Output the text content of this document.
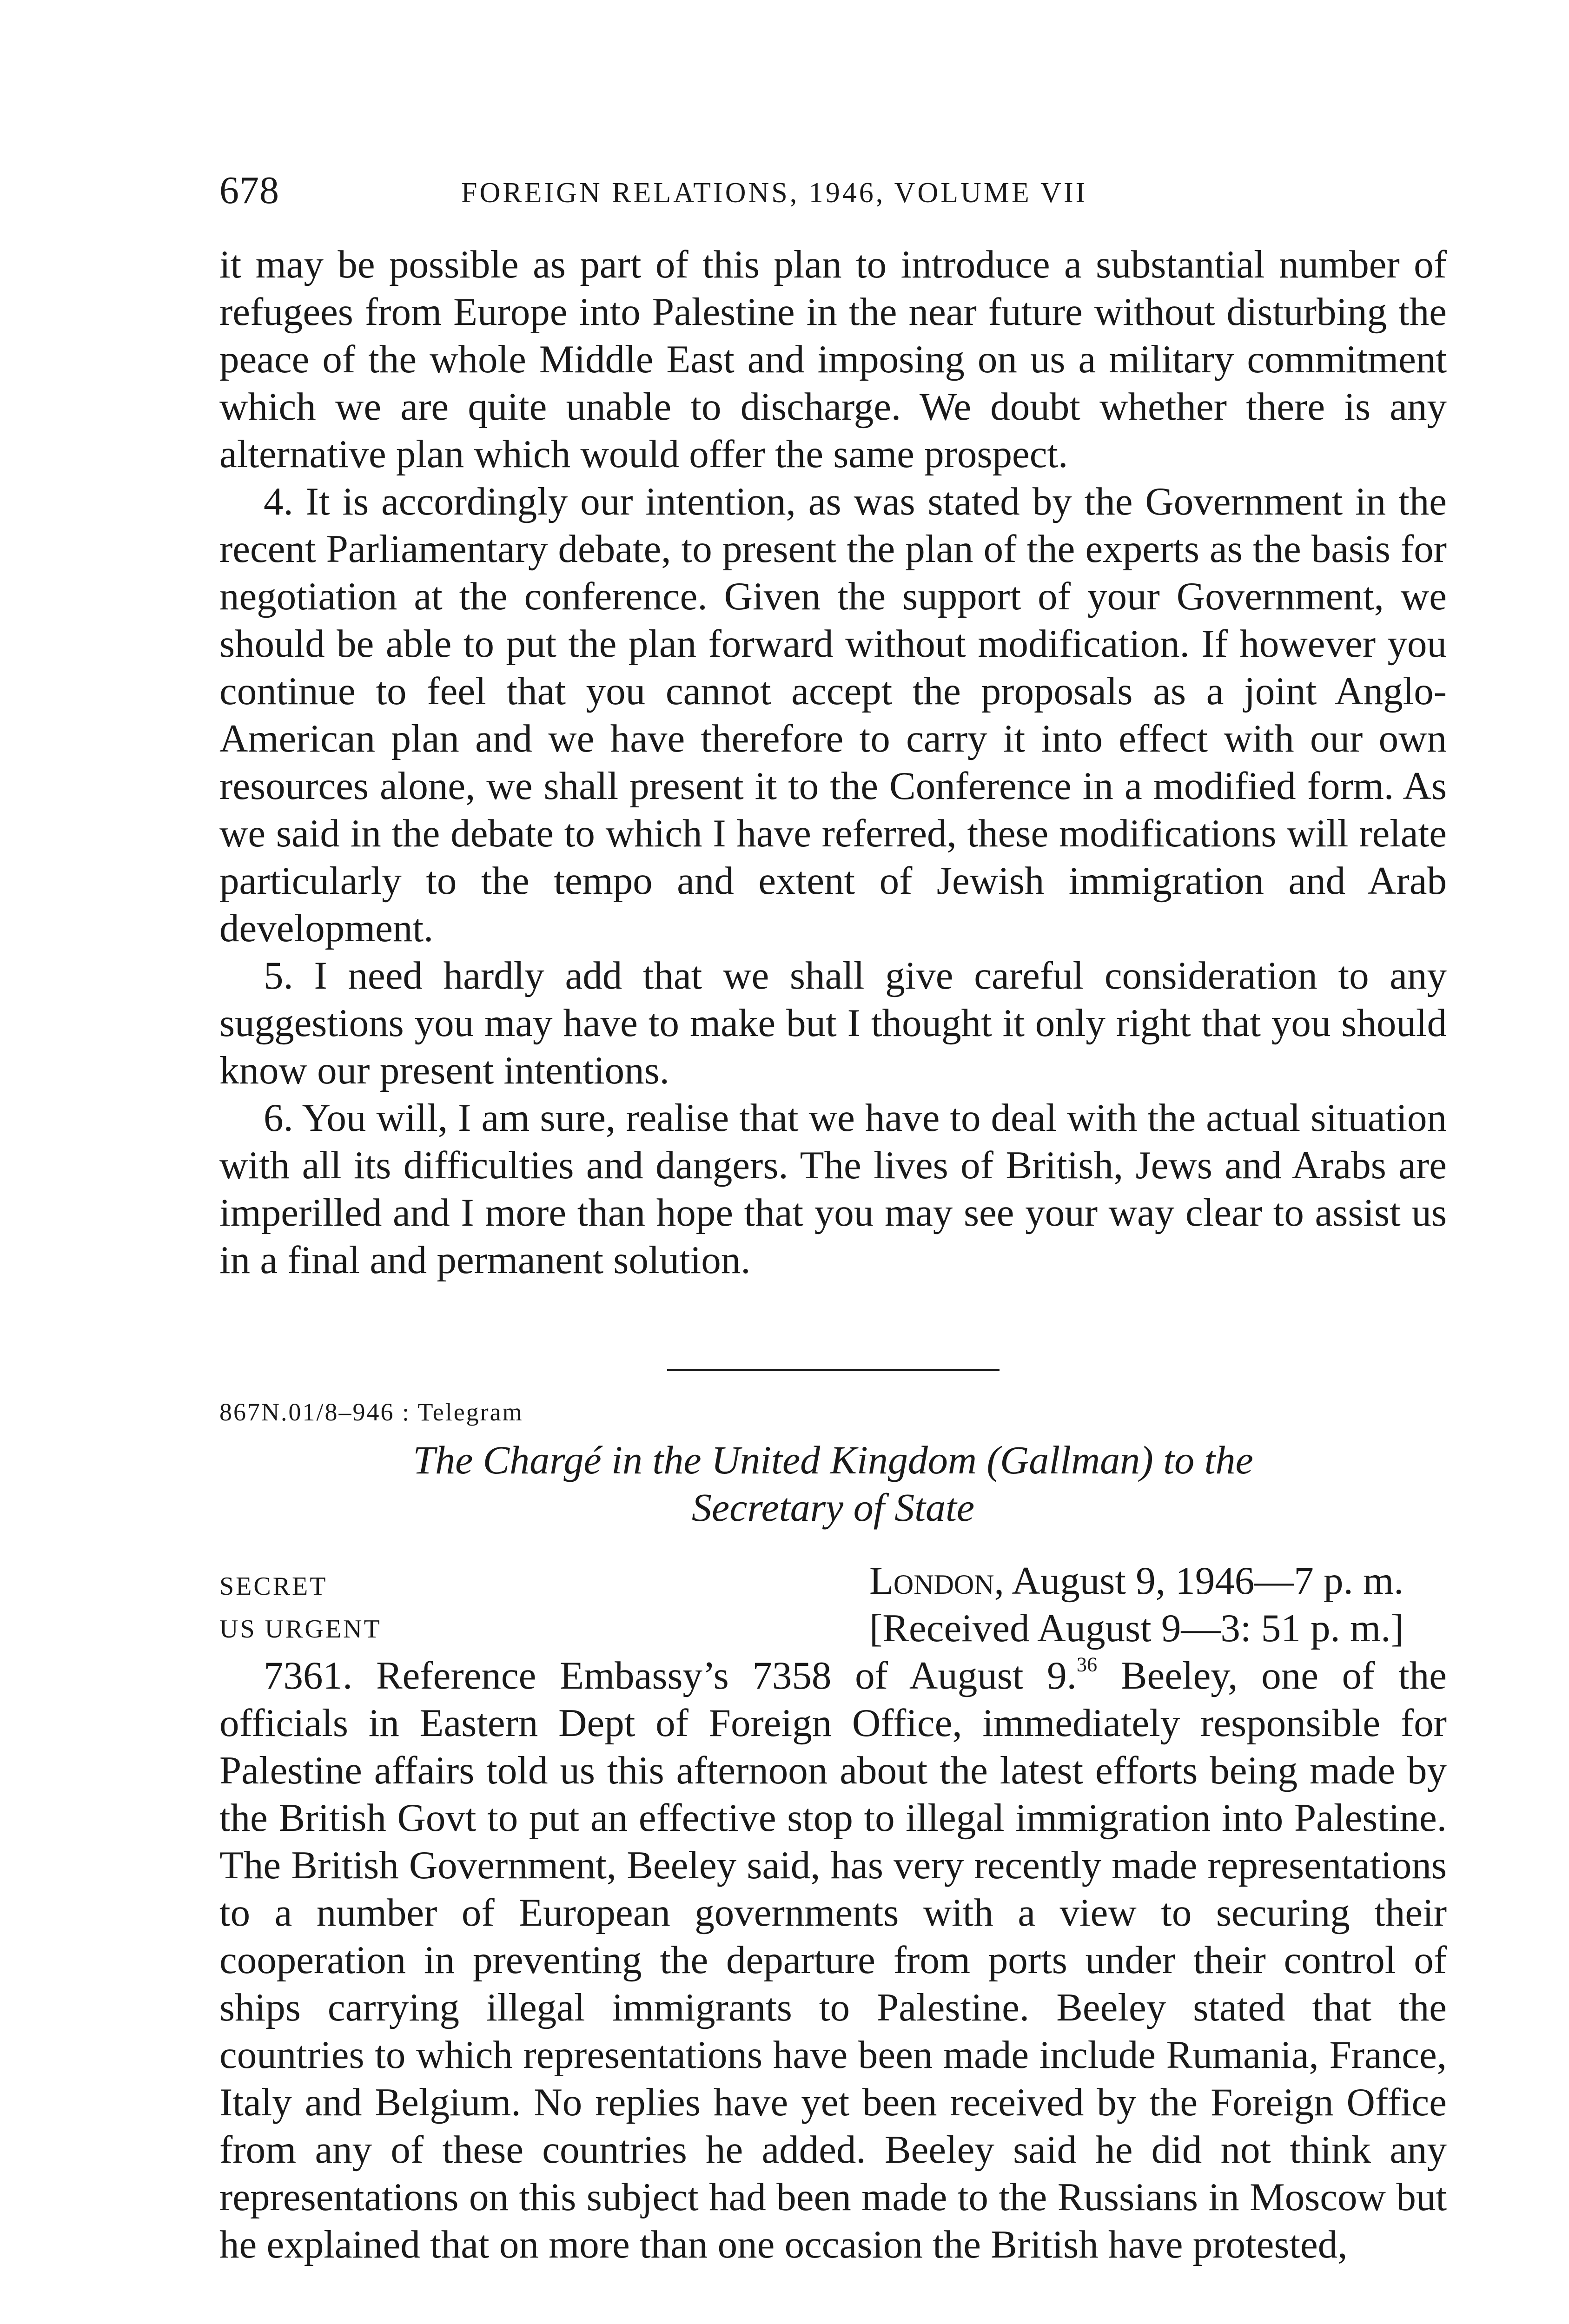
678	FOREIGN RELATIONS, 1946, VOLUME VII

it may be possible as part of this plan to introduce a substantial number of refugees from Europe into Palestine in the near future without disturbing the peace of the whole Middle East and imposing on us a military commitment which we are quite unable to discharge. We doubt whether there is any alternative plan which would offer the same prospect.

4. It is accordingly our intention, as was stated by the Government in the recent Parliamentary debate, to present the plan of the experts as the basis for negotiation at the conference. Given the support of your Government, we should be able to put the plan forward without modification. If however you continue to feel that you cannot accept the proposals as a joint Anglo-American plan and we have therefore to carry it into effect with our own resources alone, we shall present it to the Conference in a modified form. As we said in the debate to which I have referred, these modifications will relate particularly to the tempo and extent of Jewish immigration and Arab development.

5. I need hardly add that we shall give careful consideration to any suggestions you may have to make but I thought it only right that you should know our present intentions.

6. You will, I am sure, realise that we have to deal with the actual situation with all its difficulties and dangers. The lives of British, Jews and Arabs are imperilled and I more than hope that you may see your way clear to assist us in a final and permanent solution.

867N.01/8–946 : Telegram
The Chargé in the United Kingdom (Gallman) to the
Secretary of State
SECRET
US URGENT
London, August 9, 1946—7 p. m.
[Received August 9—3: 51 p. m.]

7361. Reference Embassy’s 7358 of August 9.36 Beeley, one of the officials in Eastern Dept of Foreign Office, immediately responsible for Palestine affairs told us this afternoon about the latest efforts being made by the British Govt to put an effective stop to illegal immigration into Palestine. The British Government, Beeley said, has very recently made representations to a number of European governments with a view to securing their cooperation in preventing the departure from ports under their control of ships carrying illegal immigrants to Palestine. Beeley stated that the countries to which representations have been made include Rumania, France, Italy and Belgium. No replies have yet been received by the Foreign Office from any of these countries he added. Beeley said he did not think any representations on this subject had been made to the Russians in Moscow but he explained that on more than one occasion the British have protested,
